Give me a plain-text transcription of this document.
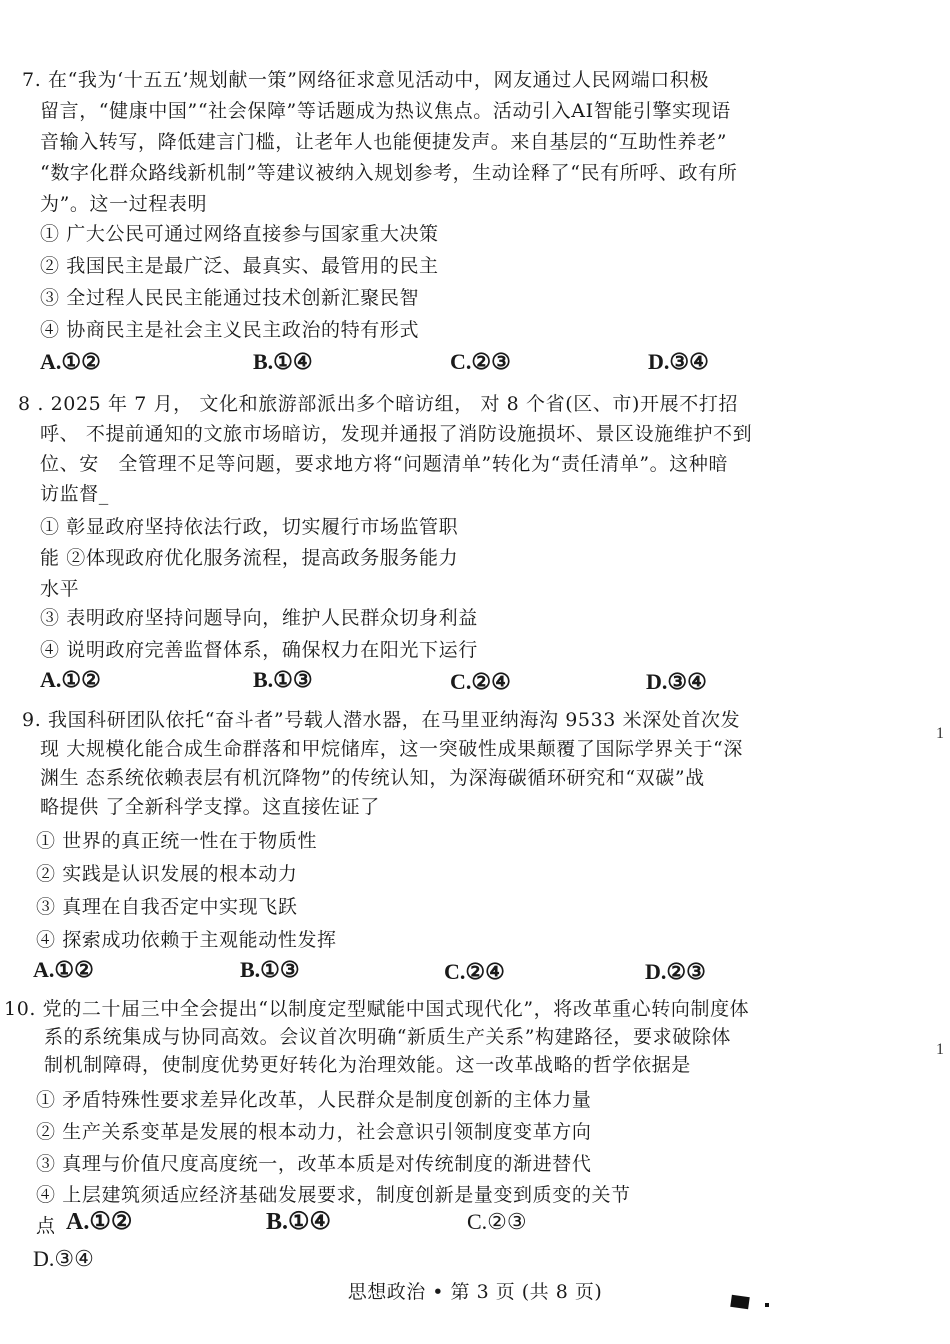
7. 在“我为‘十五五’规划献一策”网络征求意见活动中，网友通过人民网端口积极
留言，“健康中国”“社会保障”等话题成为热议焦点。活动引入AI智能引擎实现语
音输入转写，降低建言门槛，让老年人也能便捷发声。来自基层的“互助性养老”
“数字化群众路线新机制”等建议被纳入规划参考，生动诠释了“民有所呼、政有所
为”。这一过程表明
① 广大公民可通过网络直接参与国家重大决策
② 我国民主是最广泛、最真实、最管用的民主
③ 全过程人民民主能通过技术创新汇聚民智
④ 协商民主是社会主义民主政治的特有形式
A.①②	B.①④	C.②③	D.③④
8 . 2025 年 7 月， 文化和旅游部派出多个暗访组， 对 8 个省(区、市)开展不打招
呼、 不提前通知的文旅市场暗访，发现并通报了消防设施损坏、景区设施维护不到
位、安　全管理不足等问题，要求地方将“问题清单”转化为“责任清单”。这种暗
访监督_
① 彰显政府坚持依法行政，切实履行市场监管职
能 ②体现政府优化服务流程，提高政务服务能力
水平
③ 表明政府坚持问题导向，维护人民群众切身利益
④ 说明政府完善监督体系，确保权力在阳光下运行
A.①②	B.①③	C.②④	D.③④
9. 我国科研团队依托“奋斗者”号载人潜水器，在马里亚纳海沟 9533 米深处首次发
现 大规模化能合成生命群落和甲烷储库，这一突破性成果颠覆了国际学界关于“深
渊生 态系统依赖表层有机沉降物”的传统认知，为深海碳循环研究和“双碳”战
略提供 了全新科学支撑。这直接佐证了
① 世界的真正统一性在于物质性
② 实践是认识发展的根本动力
③ 真理在自我否定中实现飞跃
④ 探索成功依赖于主观能动性发挥
A.①②	B.①③	C.②④	D.②③
10. 党的二十届三中全会提出“以制度定型赋能中国式现代化”，将改革重心转向制度体
系的系统集成与协同高效。会议首次明确“新质生产关系”构建路径，要求破除体
制机制障碍，使制度优势更好转化为治理效能。这一改革战略的哲学依据是
① 矛盾特殊性要求差异化改革，人民群众是制度创新的主体力量
② 生产关系变革是发展的根本动力，社会意识引领制度变革方向
③ 真理与价值尺度高度统一，改革本质是对传统制度的渐进替代
④ 上层建筑须适应经济基础发展要求，制度创新是量变到质变的关节
点 A.①②	B.①④	C.②③
D.③④
1
1
思想政治 • 第 3 页 (共 8 页)
